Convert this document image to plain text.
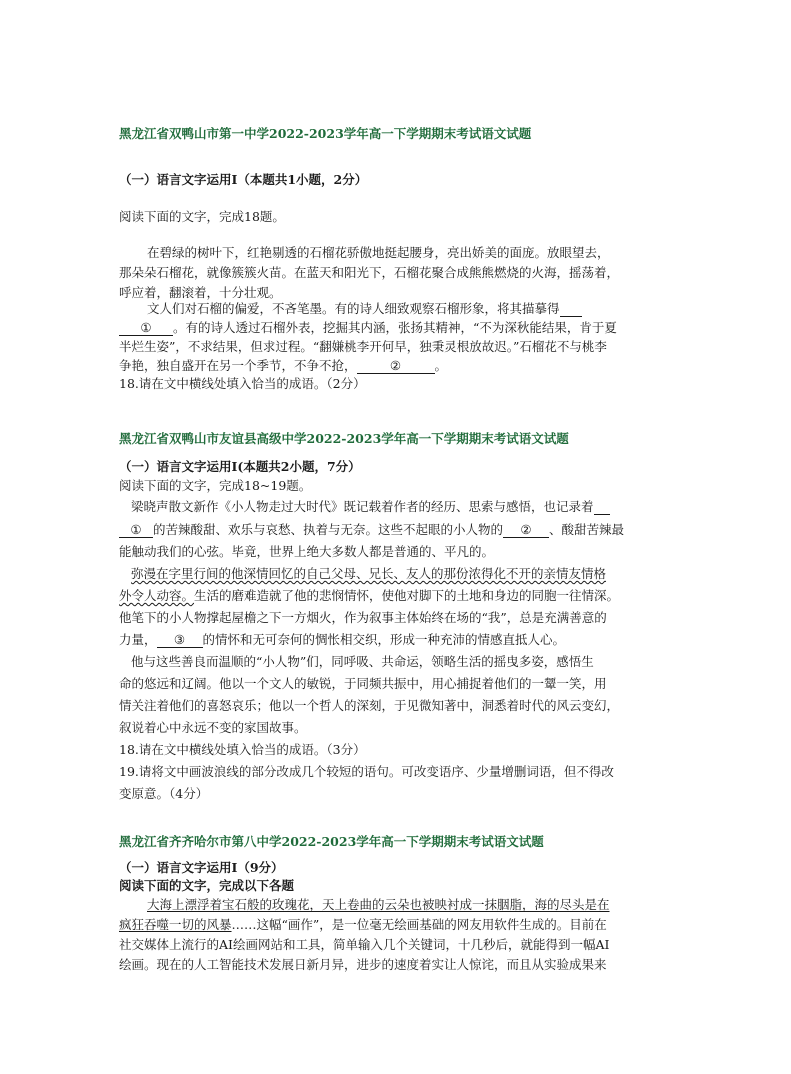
黑龙江省双鸭山市第一中学2022-2023学年高一下学期期末考试语文试题
（一）语言文字运用Ⅰ（本题共1小题，2分）
阅读下面的文字，完成18题。
在碧绿的树叶下，红艳剔透的石榴花骄傲地挺起腰身，亮出娇美的面庞。放眼望去，
那朵朵石榴花，就像簇簇火苗。在蓝天和阳光下，石榴花聚合成熊熊燃烧的火海，摇荡着，
呼应着，翻滚着，十分壮观。
文人们对石榴的偏爱，不吝笔墨。有的诗人细致观察石榴形象，将其描摹得
① 。有的诗人透过石榴外表，挖掘其内涵，张扬其精神，“不为深秋能结果，肯于夏
半烂生姿”，不求结果，但求过程。“翻嫌桃李开何早，独秉灵根放故迟。”石榴花不与桃李
争艳，独自盛开在另一个季节，不争不抢，	②	。
18.请在文中横线处填入恰当的成语。（2分）
黑龙江省双鸭山市友谊县高级中学2022-2023学年高一下学期期末考试语文试题
（一）语言文字运用Ⅰ(本题共2小题，7分）
阅读下面的文字，完成18~19题。
梁晓声散文新作《小人物走过大时代》既记载着作者的经历、思索与感悟，也记录着
① 的苦辣酸甜、欢乐与哀愁、执着与无奈。这些不起眼的小人物的 ② 、酸甜苦辣最
能触动我们的心弦。毕竟，世界上绝大多数人都是普通的、平凡的。
弥漫在字里行间的他深情回忆的自己父母、兄长、友人的那份浓得化不开的亲情友情格
外令人动容。生活的磨难造就了他的悲悯情怀，使他对脚下的土地和身边的同胞一往情深。
他笔下的小人物撑起屋檐之下一方烟火，作为叙事主体始终在场的“我”，总是充满善意的
力量， ③ 的情怀和无可奈何的惆怅相交织，形成一种充沛的情感直抵人心。
他与这些善良而温顺的“小人物”们，同呼吸、共命运，领略生活的摇曳多姿，感悟生
命的悠远和辽阔。他以一个文人的敏锐，于同频共振中，用心捕捉着他们的一颦一笑，用
情关注着他们的喜怒哀乐；他以一个哲人的深刻，于见微知著中，洞悉着时代的风云变幻，
叙说着心中永远不变的家国故事。
18.请在文中横线处填入恰当的成语。（3分）
19.请将文中画波浪线的部分改成几个较短的语句。可改变语序、少量增删词语，但不得改
变原意。（4分）
黑龙江省齐齐哈尔市第八中学2022-2023学年高一下学期期末考试语文试题
（一）语言文字运用Ⅰ（9分）
阅读下面的文字，完成以下各题
大海上漂浮着宝石般的玫瑰花，天上卷曲的云朵也被映衬成一抹胭脂，海的尽头是在
疯狂吞噬一切的风暴……这幅“画作”，是一位毫无绘画基础的网友用软件生成的。目前在
社交媒体上流行的AI绘画网站和工具，简单输入几个关键词，十几秒后，就能得到一幅AI
绘画。现在的人工智能技术发展日新月异，进步的速度着实让人惊诧，而且从实验成果来
